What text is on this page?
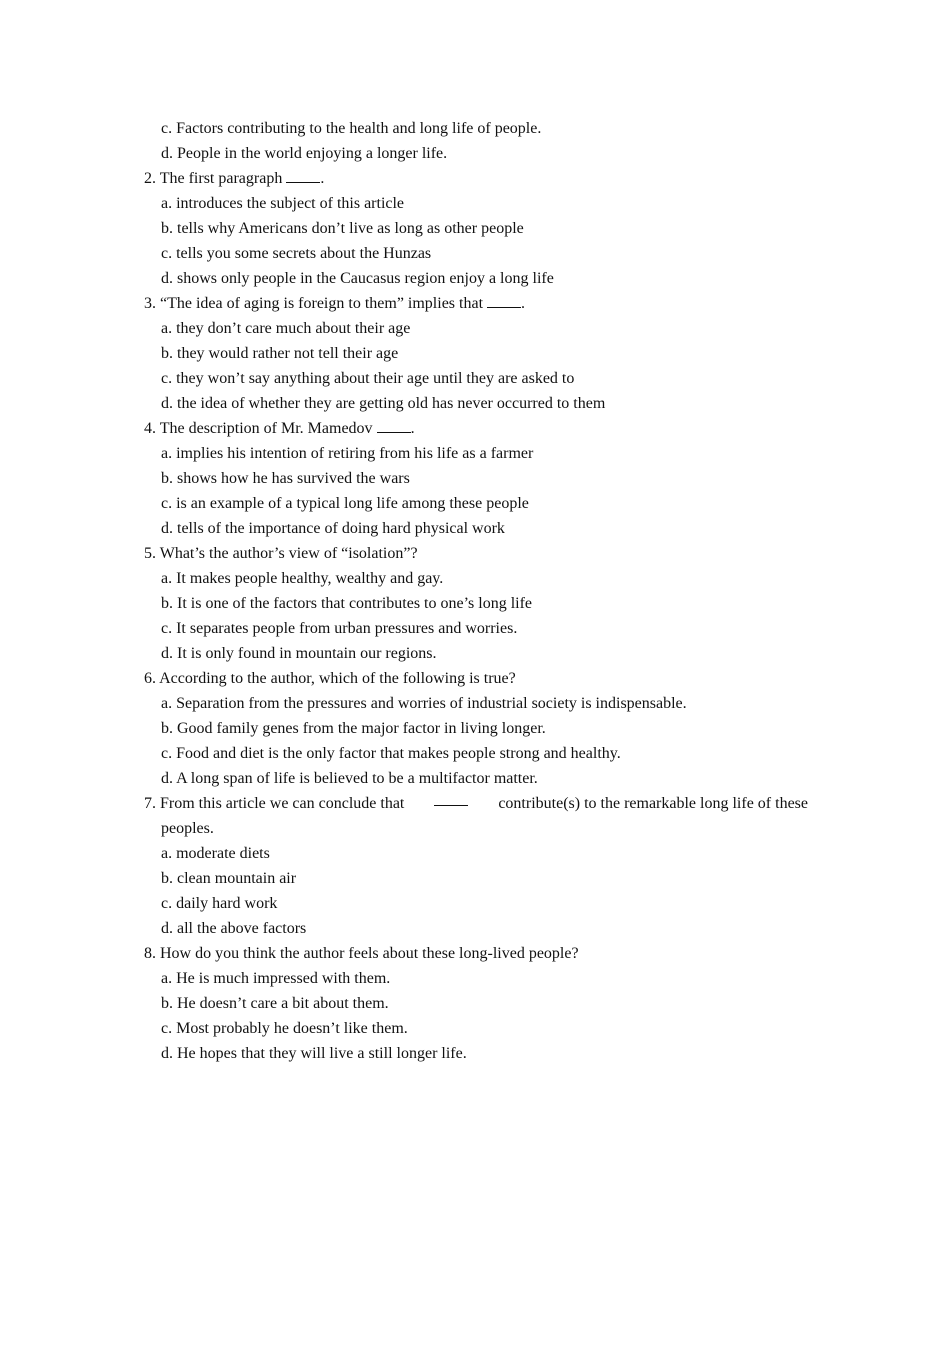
c. Factors contributing to the health and long life of people.
d. People in the world enjoying a longer life.
2. The first paragraph .
a. introduces the subject of this article
b. tells why Americans don’t live as long as other people
c. tells you some secrets about the Hunzas
d. shows only people in the Caucasus region enjoy a long life
3. “The idea of aging is foreign to them” implies that .
a. they don’t care much about their age
b. they would rather not tell their age
c. they won’t say anything about their age until they are asked to
d. the idea of whether they are getting old has never occurred to them
4. The description of Mr. Mamedov .
a. implies his intention of retiring from his life as a farmer
b. shows how he has survived the wars
c. is an example of a typical long life among these people
d. tells of the importance of doing hard physical work
5. What’s the author’s view of “isolation”?
a. It makes people healthy, wealthy and gay.
b. It is one of the factors that contributes to one’s long life
c. It separates people from urban pressures and worries.
d. It is only found in mountain our regions.
6. According to the author, which of the following is true?
a. Separation from the pressures and worries of industrial society is indispensable.
b. Good family genes from the major factor in living longer.
c. Food and diet is the only factor that makes people strong and healthy.
d. A long span of life is believed to be a multifactor matter.
7. From this article we can conclude that	contribute(s) to the remarkable long life of these
peoples.
a. moderate diets
b. clean mountain air
c. daily hard work
d. all the above factors
8. How do you think the author feels about these long-lived people?
a. He is much impressed with them.
b. He doesn’t care a bit about them.
c. Most probably he doesn’t like them.
d. He hopes that they will live a still longer life.
